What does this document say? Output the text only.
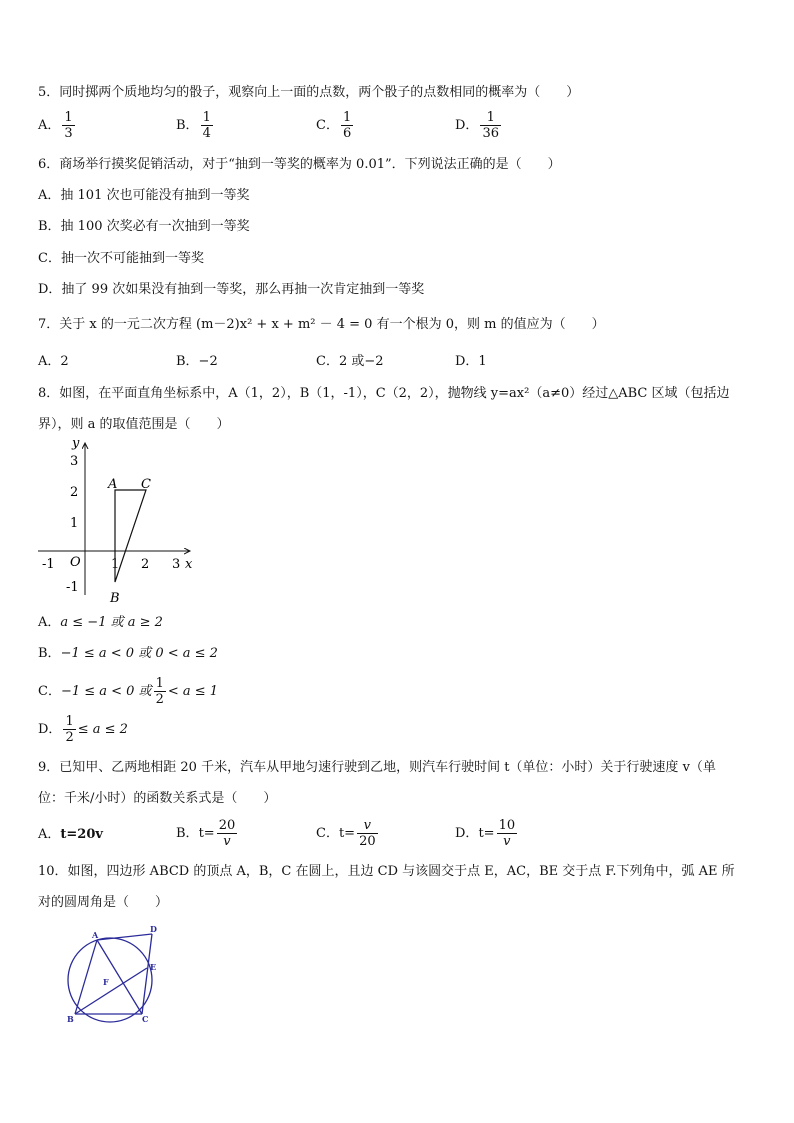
5．同时掷两个质地均匀的骰子，观察向上一面的点数，两个骰子的点数相同的概率为（　　）
A． $\frac{1}{3}$	B． $\frac{1}{4}$	C． $\frac{1}{6}$	D． $\frac{1}{36}$
6．商场举行摸奖促销活动，对于“抽到一等奖的概率为 0.01”．下列说法正确的是（　　）
A．抽 101 次也可能没有抽到一等奖
B．抽 100 次奖必有一次抽到一等奖
C．抽一次不可能抽到一等奖
D．抽了 99 次如果没有抽到一等奖，那么再抽一次肯定抽到一等奖
7．关于 x 的一元二次方程 (m－2)x² + x + m² － 4 = 0 有一个根为 0，则 m 的值应为（　　）
A．2	B．−2	C．2 或−2	D．1
8．如图，在平面直角坐标系中，A（1，2），B（1，-1），C（2，2），抛物线 y=ax²（a≠0）经过△ABC 区域（包括边
界），则 a 的取值范围是（　　）
y
x
O
-1	1 2 3
3
2
1
-1
A C
B
A．a ≤ −1 或 a ≥ 2
B．−1 ≤ a < 0 或 0 < a ≤ 2
C．−1 ≤ a < 0 或 $\frac{1}{2} < a \le 1$
D． $\frac{1}{2} \le a \le 2$
9．已知甲、乙两地相距 20 千米，汽车从甲地匀速行驶到乙地，则汽车行驶时间 t（单位：小时）关于行驶速度 v（单
位：千米/小时）的函数关系式是（　　）
A．t=20v	B．$t= \frac{20}{v}$	C．$t= \frac{v}{20}$	D．$t= \frac{10}{v}$
10．如图，四边形 ABCD 的顶点 A，B，C 在圆上，且边 CD 与该圆交于点 E，AC，BE 交于点 F.下列角中，弧 AE 所
对的圆周角是（　　）
A
D
E
F
B	C
